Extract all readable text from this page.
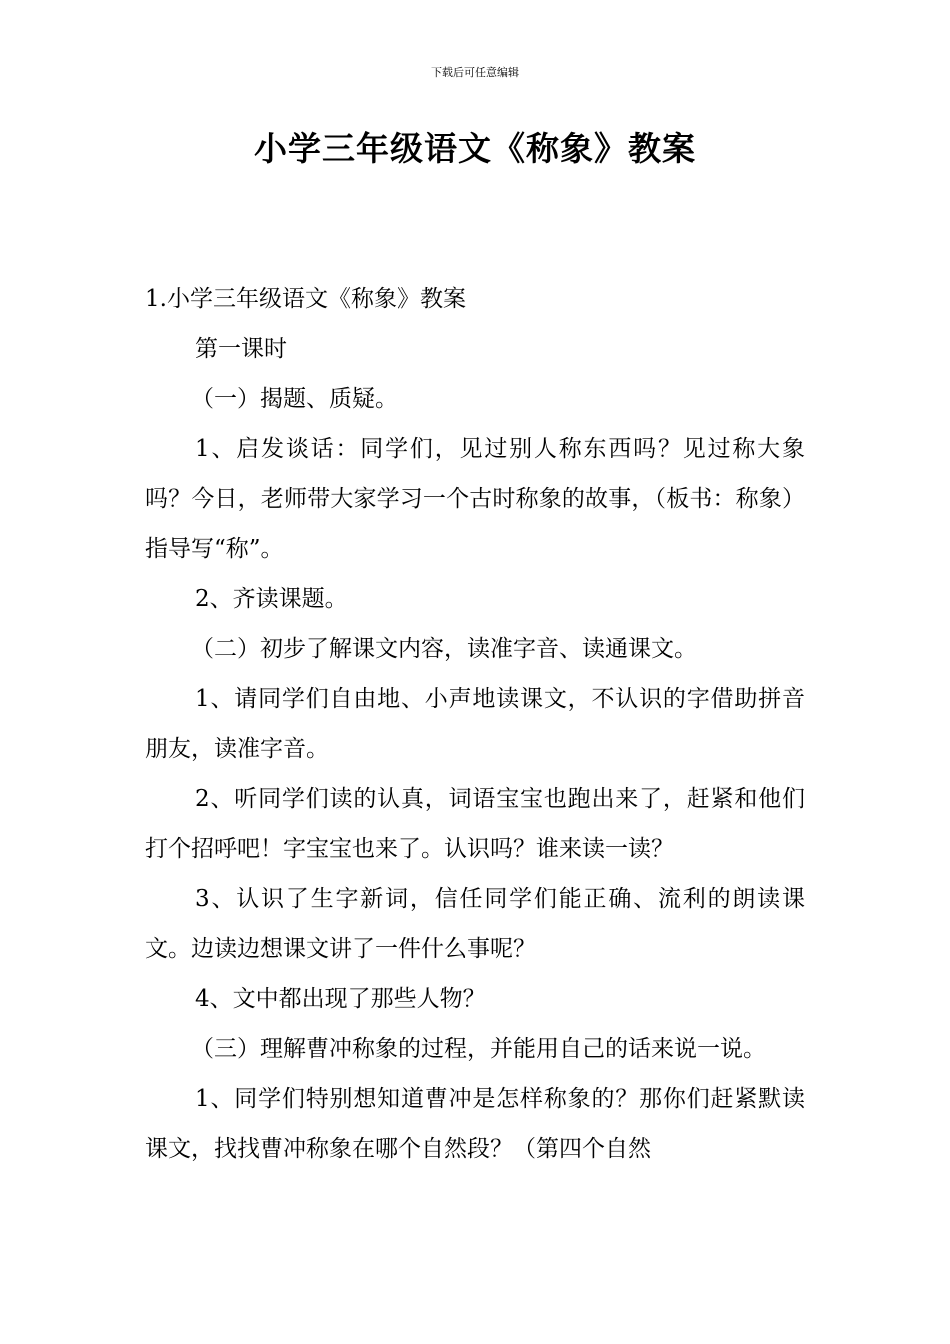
下载后可任意编辑
小学三年级语文《称象》教案

1.小学三年级语文《称象》教案

第一课时

（一）揭题、质疑。

1、启发谈话：同学们，见过别人称东西吗？见过称大象吗？今日，老师带大家学习一个古时称象的故事，（板书：称象）指导写“称”。

2、齐读课题。

（二）初步了解课文内容，读准字音、读通课文。

1、请同学们自由地、小声地读课文，不认识的字借助拼音朋友，读准字音。

2、听同学们读的认真，词语宝宝也跑出来了，赶紧和他们打个招呼吧！字宝宝也来了。认识吗？谁来读一读？

3、认识了生字新词，信任同学们能正确、流利的朗读课文。边读边想课文讲了一件什么事呢？

4、文中都出现了那些人物？

（三）理解曹冲称象的过程，并能用自己的话来说一说。

1、同学们特别想知道曹冲是怎样称象的？那你们赶紧默读课文，找找曹冲称象在哪个自然段？（第四个自然
